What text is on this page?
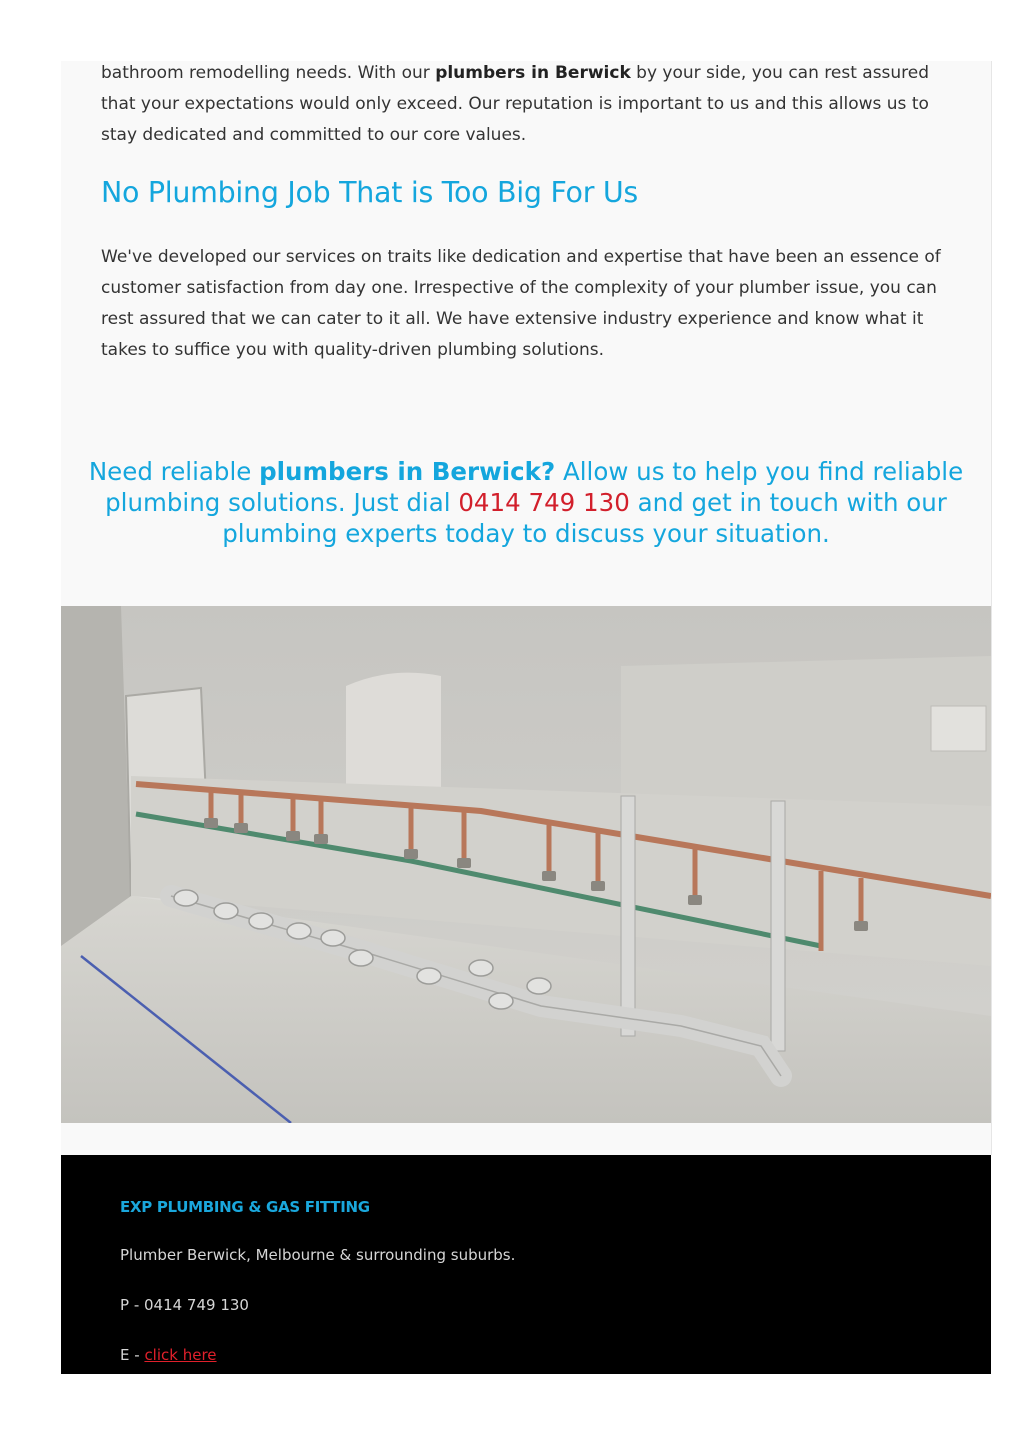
bathroom remodelling needs. With our plumbers in Berwick by your side, you can rest assured that your expectations would only exceed. Our reputation is important to us and this allows us to stay dedicated and committed to our core values.

No Plumbing Job That is Too Big For Us

We've developed our services on traits like dedication and expertise that have been an essence of customer satisfaction from day one. Irrespective of the complexity of your plumber issue, you can rest assured that we can cater to it all. We have extensive industry experience and know what it takes to suffice you with quality-driven plumbing solutions.

Need reliable plumbers in Berwick? Allow us to help you find reliable plumbing solutions. Just dial 0414 749 130 and get in touch with our plumbing experts today to discuss your situation.

EXP PLUMBING & GAS FITTING

Plumber Berwick, Melbourne & surrounding suburbs.

P - 0414 749 130

E - click here
